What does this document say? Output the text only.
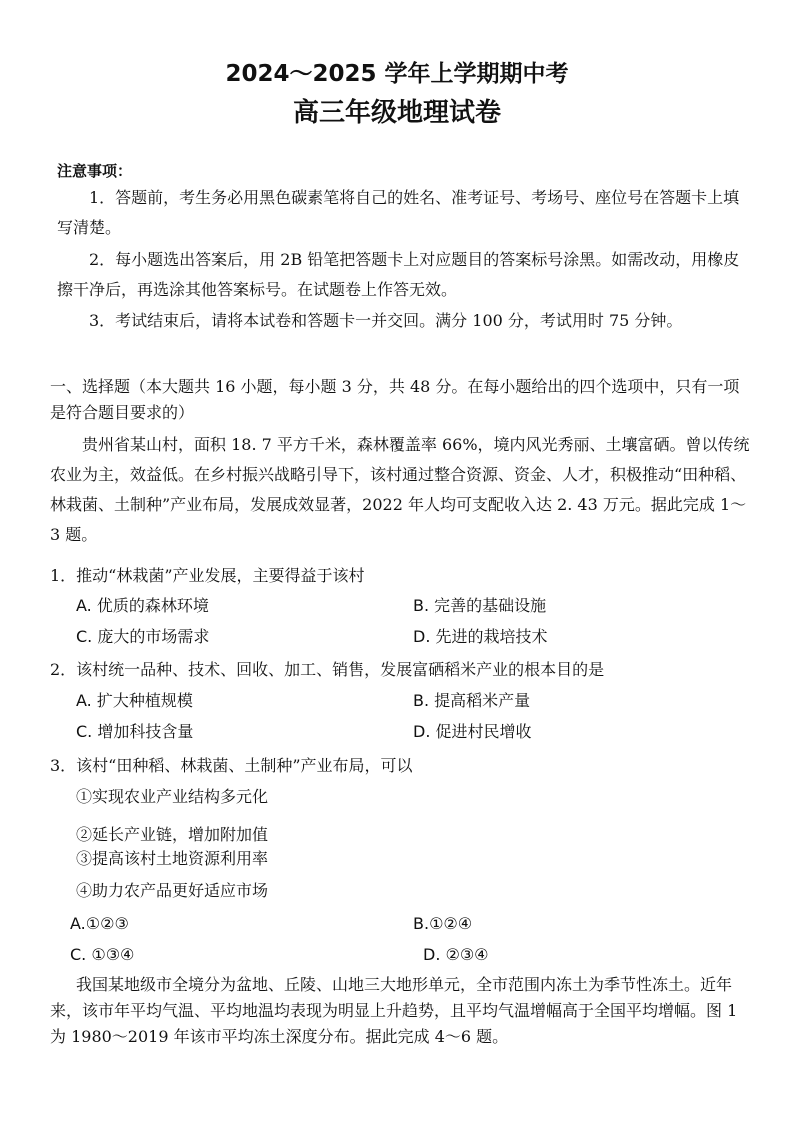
2024～2025 学年上学期期中考
高三年级地理试卷
注意事项：

1．答题前，考生务必用黑色碳素笔将自己的姓名、准考证号、考场号、座位号在答题卡上填写清楚。

2．每小题选出答案后，用 2B 铅笔把答题卡上对应题目的答案标号涂黑。如需改动，用橡皮擦干净后，再选涂其他答案标号。在试题卷上作答无效。

3．考试结束后，请将本试卷和答题卡一并交回。满分 100 分，考试用时 75 分钟。

一、选择题（本大题共 16 小题，每小题 3 分，共 48 分。在每小题给出的四个选项中，只有一项是符合题目要求的）

贵州省某山村，面积 18. 7 平方千米，森林覆盖率 66%，境内风光秀丽、土壤富硒。曾以传统农业为主，效益低。在乡村振兴战略引导下，该村通过整合资源、资金、人才，积极推动“田种稻、林栽菌、土制种”产业布局，发展成效显著，2022 年人均可支配收入达 2. 43 万元。据此完成 1～3 题。

1．推动“林栽菌”产业发展，主要得益于该村
A. 优质的森林环境	B. 完善的基础设施
C. 庞大的市场需求	D. 先进的栽培技术
2．该村统一品种、技术、回收、加工、销售，发展富硒稻米产业的根本目的是
A. 扩大种植规模	B. 提高稻米产量
C. 增加科技含量	D. 促进村民增收
3．该村“田种稻、林栽菌、土制种”产业布局，可以
①实现农业产业结构多元化
②延长产业链，增加附加值
③提高该村土地资源利用率
④助力农产品更好适应市场
A.①②③	B.①②④
C. ①③④	D. ②③④

我国某地级市全境分为盆地、丘陵、山地三大地形单元，全市范围内冻土为季节性冻土。近年来，该市年平均气温、平均地温均表现为明显上升趋势，且平均气温增幅高于全国平均增幅。图 1 为 1980～2019 年该市平均冻土深度分布。据此完成 4～6 题。
